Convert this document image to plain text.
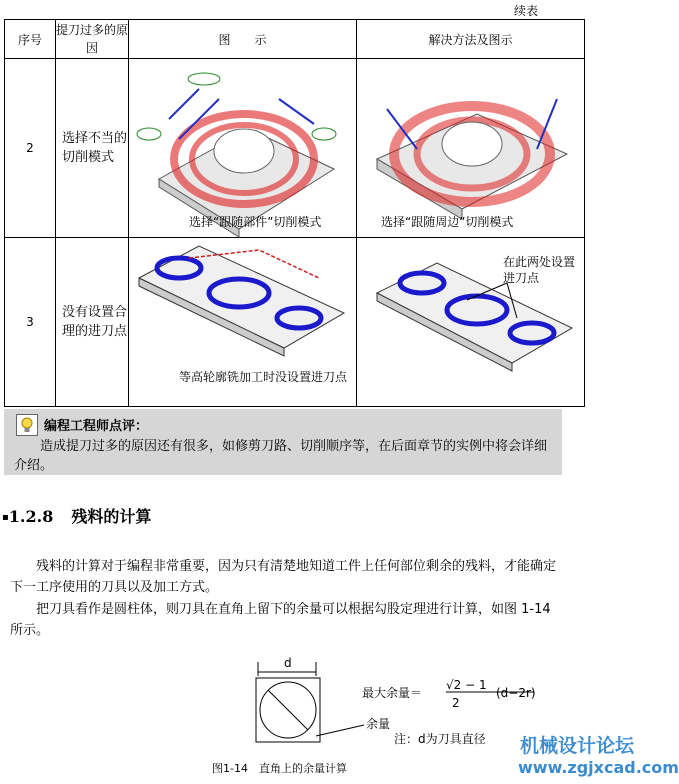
续表
序号	提刀过多的原因	图　　示	解决方法及图示
2	选择不当的切削模式	选择“跟随部件”切削模式	选择“跟随周边”切削模式

3	没有设置合理的进刀点	等高轮廓铣加工时没设置进刀点	在此两处设置进刀点
编程工程师点评：
造成提刀过多的原因还有很多，如修剪刀路、切削顺序等，在后面章节的实例中将会详细介绍。
▪1.2.8 残料的计算
残料的计算对于编程非常重要，因为只有清楚地知道工件上任何部位剩余的残料，才能确定下一工序使用的刀具以及加工方式。
把刀具看作是圆柱体，则刀具在直角上留下的余量可以根据勾股定理进行计算，如图 1-14 所示。
d
最大余量＝
√2 − 1
2
(d−2r)
余量
注：d为刀具直径
图1-14　直角上的余量计算
机械设计论坛
www.zgjxcad.com
